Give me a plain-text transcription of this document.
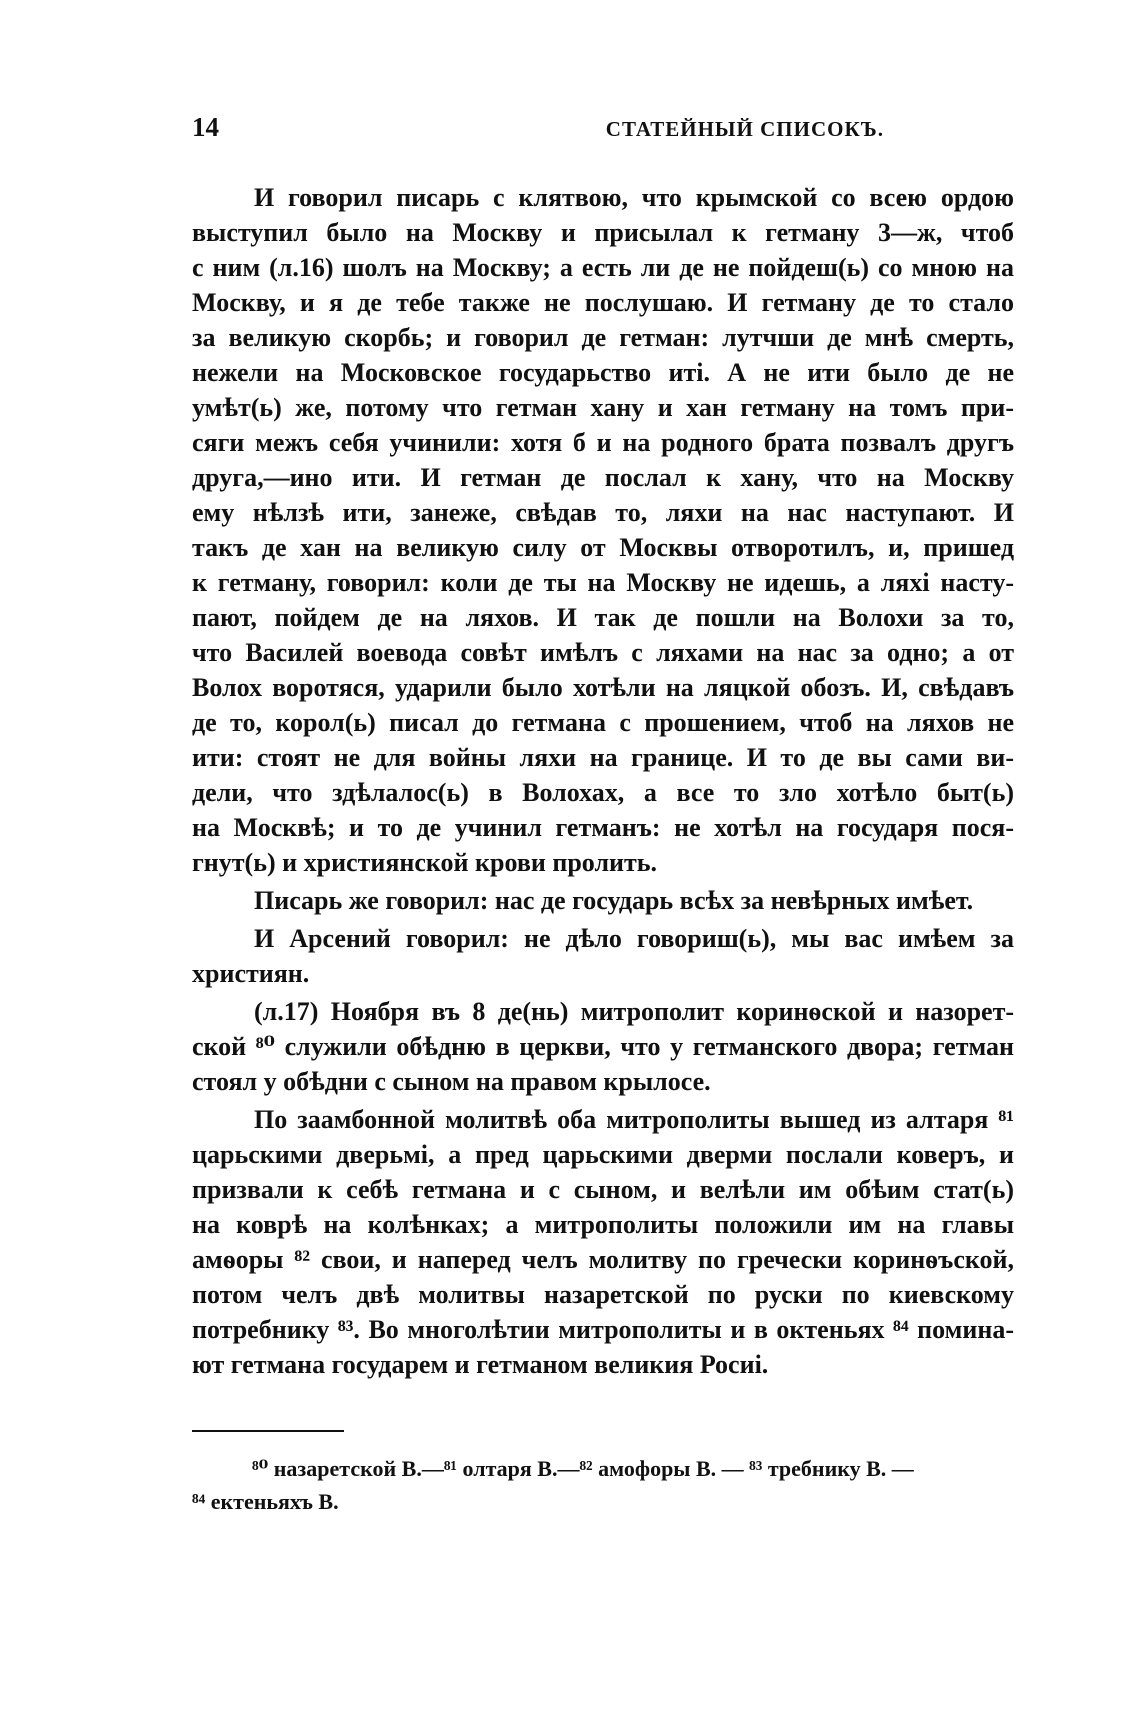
14	СТАТЕЙНЫЙ СПИСОКЪ.
И говорил писарь с клятвою, что крымской со всею ордою
выступил было на Москву и присылал к гетману 3—ж, чтоб
с ним (л.16) шолъ на Москву; а есть ли де не пойдеш(ь) со мною на
Москву, и я де тебе также не послушаю. И гетману де то стало
за великую скорбь; и говорил де гетман: лутчши де мнѣ смерть,
нежели на Московское государьство иті. А не ити было де не
умѣт(ь) же, потому что гетман хану и хан гетману на томъ при-
сяги межъ себя учинили: хотя б и на родного брата позвалъ другъ
друга,—ино ити. И гетман де послал к хану, что на Москву
ему нѣлзѣ ити, занеже, свѣдав то, ляхи на нас наступают. И
такъ де хан на великую силу от Москвы отворотилъ, и, пришед
к гетману, говорил: коли де ты на Москву не идешь, а ляхі насту-
пают, пойдем де на ляхов. И так де пошли на Волохи за то,
что Василей воевода совѣт имѣлъ с ляхами на нас за одно; а от
Волох воротяся, ударили было хотѣли на ляцкой обозъ. И, свѣдавъ
де то, корол(ь) писал до гетмана с прошением, чтоб на ляхов не
ити: стоят не для войны ляхи на границе. И то де вы сами ви-
дели, что здѣлалос(ь) в Волохах, а все то зло хотѣло быт(ь)
на Москвѣ; и то де учинил гетманъ: не хотѣл на государя пося-
гнут(ь) и християнской крови пролить.
Писарь же говорил: нас де государь всѣх за невѣрных имѣет.
И Арсений говорил: не дѣло говориш(ь), мы вас имѣем за
християн.
(л.17) Ноября въ 8 де(нь) митрополит коринѳской и назорет-
ской ⁸⁰ служили обѣдню в церкви, что у гетманского двора; гетман
стоял у обѣдни с сыном на правом крылосе.
По заамбонной молитвѣ оба митрополиты вышед из алтаря ⁸¹
царьскими дверьмі, а пред царьскими дверми послали коверъ, и
призвали к себѣ гетмана и с сыном, и велѣли им обѣим стат(ь)
на коврѣ на колѣнках; а митрополиты положили им на главы
амѳоры ⁸² свои, и наперед челъ молитву по гречески коринѳъской,
потом челъ двѣ молитвы назаретской по руски по киевскому
потребнику ⁸³. Во многолѣтии митрополиты и в октеньях ⁸⁴ помина-
ют гетмана государем и гетманом великия Росиі.
⁸⁰ назаретской В.—⁸¹ олтаря В.—⁸² амофоры В. — ⁸³ требнику В. —
⁸⁴ ектеньяхъ В.
